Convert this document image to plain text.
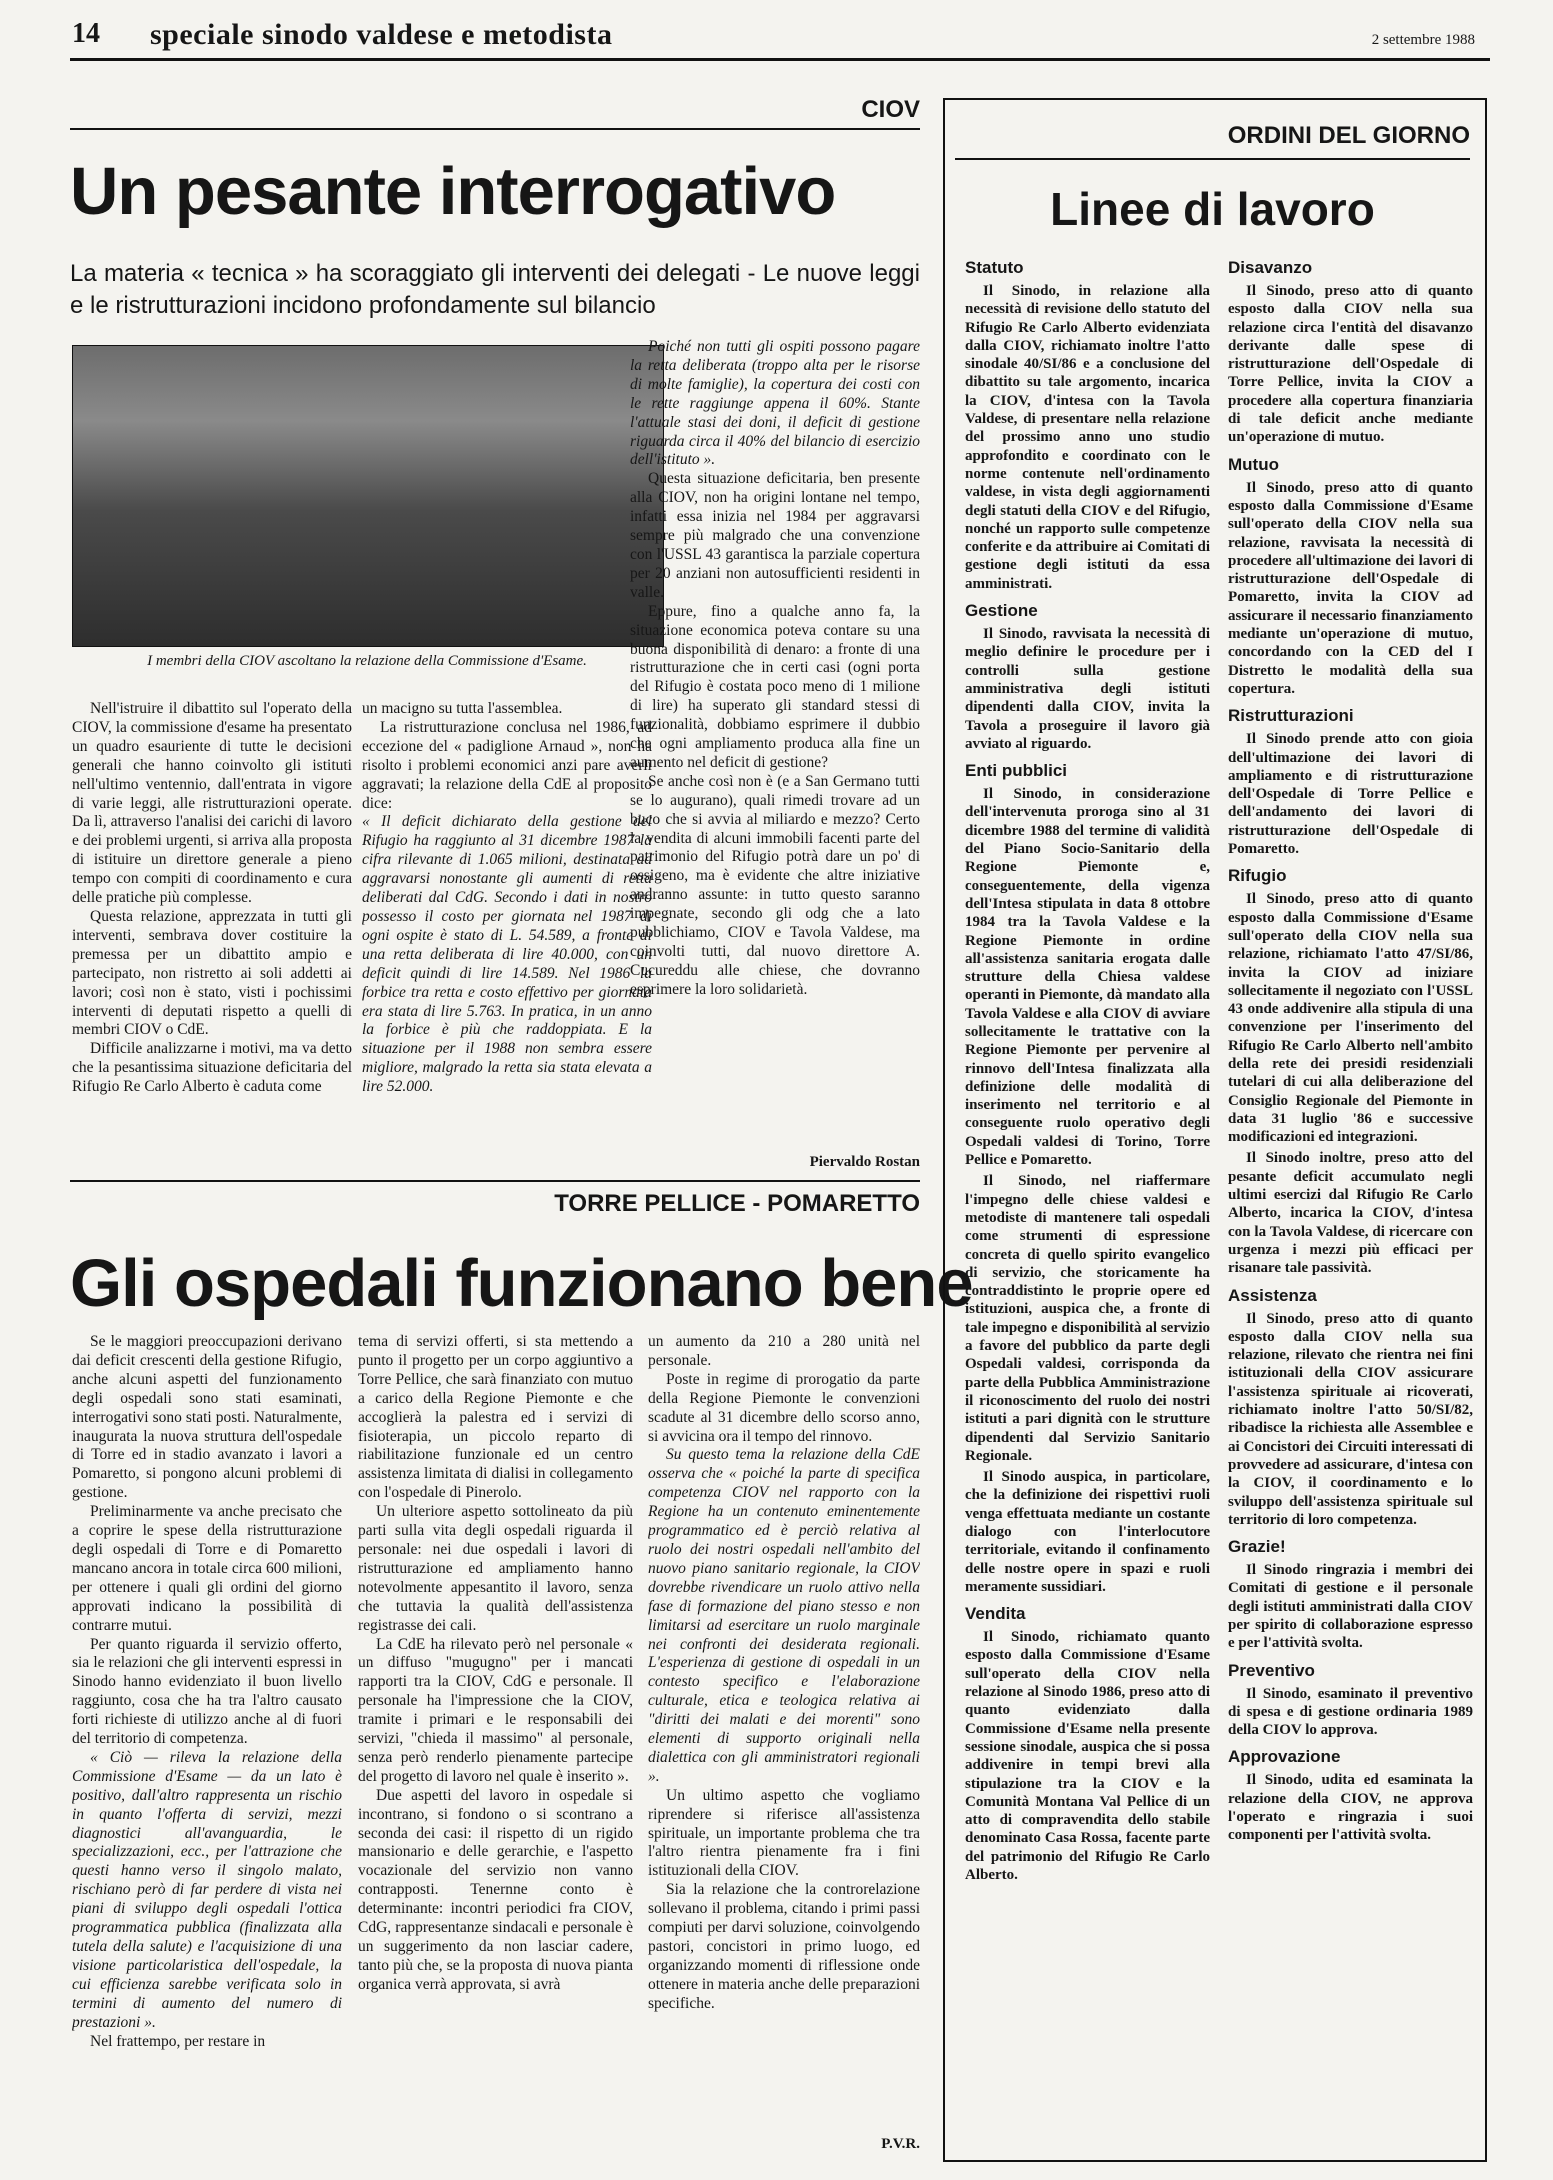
14 speciale sinodo valdese e metodista	2 settembre 1988
CIOV
Un pesante interrogativo
La materia « tecnica » ha scoraggiato gli interventi dei delegati - Le nuove leggi e le ristrutturazioni incidono profondamente sul bilancio
I membri della CIOV ascoltano la relazione della Commissione d'Esame.

Nell'istruire il dibattito sul l'operato della CIOV, la commissione d'esame ha presentato un quadro esauriente di tutte le decisioni generali che hanno coinvolto gli istituti nell'ultimo ventennio, dall'entrata in vigore di varie leggi, alle ristrutturazioni operate. Da lì, attraverso l'analisi dei carichi di lavoro e dei problemi urgenti, si arriva alla proposta di istituire un direttore generale a pieno tempo con compiti di coordinamento e cura delle pratiche più complesse.

Questa relazione, apprezzata in tutti gli interventi, sembrava dover costituire la premessa per un dibattito ampio e partecipato, non ristretto ai soli addetti ai lavori; così non è stato, visti i pochissimi interventi di deputati rispetto a quelli di membri CIOV o CdE.

Difficile analizzarne i motivi, ma va detto che la pesantissima situazione deficitaria del Rifugio Re Carlo Alberto è caduta come

un macigno su tutta l'assemblea.

La ristrutturazione conclusa nel 1986, ad eccezione del « padiglione Arnaud », non ha risolto i problemi economici anzi pare averli aggravati; la relazione della CdE al proposito dice:

« Il deficit dichiarato della gestione del Rifugio ha raggiunto al 31 dicembre 1987 la cifra rilevante di 1.065 milioni, destinata ad aggravarsi nonostante gli aumenti di retta deliberati dal CdG. Secondo i dati in nostro possesso il costo per giornata nel 1987 di ogni ospite è stato di L. 54.589, a fronte di una retta deliberata di lire 40.000, con un deficit quindi di lire 14.589. Nel 1986 la forbice tra retta e costo effettivo per giornata era stata di lire 5.763. In pratica, in un anno la forbice è più che raddoppiata. E la situazione per il 1988 non sembra essere migliore, malgrado la retta sia stata elevata a lire 52.000.

Poiché non tutti gli ospiti possono pagare la retta deliberata (troppo alta per le risorse di molte famiglie), la copertura dei costi con le rette raggiunge appena il 60%. Stante l'attuale stasi dei doni, il deficit di gestione riguarda circa il 40% del bilancio di esercizio dell'istituto ».

Questa situazione deficitaria, ben presente alla CIOV, non ha origini lontane nel tempo, infatti essa inizia nel 1984 per aggravarsi sempre più malgrado che una convenzione con l'USSL 43 garantisca la parziale copertura per 20 anziani non autosufficienti residenti in valle.

Eppure, fino a qualche anno fa, la situazione economica poteva contare su una buona disponibilità di denaro: a fronte di una ristrutturazione che in certi casi (ogni porta del Rifugio è costata poco meno di 1 milione di lire) ha superato gli standard stessi di funzionalità, dobbiamo esprimere il dubbio che ogni ampliamento produca alla fine un aumento nel deficit di gestione?

Se anche così non è (e a San Germano tutti se lo augurano), quali rimedi trovare ad un buco che si avvia al miliardo e mezzo? Certo la vendita di alcuni immobili facenti parte del patrimonio del Rifugio potrà dare un po' di ossigeno, ma è evidente che altre iniziative andranno assunte: in tutto questo saranno impegnate, secondo gli odg che a lato pubblichiamo, CIOV e Tavola Valdese, ma coinvolti tutti, dal nuovo direttore A. Cucureddu alle chiese, che dovranno esprimere la loro solidarietà.

Piervaldo Rostan
TORRE PELLICE - POMARETTO
Gli ospedali funzionano bene

Se le maggiori preoccupazioni derivano dai deficit crescenti della gestione Rifugio, anche alcuni aspetti del funzionamento degli ospedali sono stati esaminati, interrogativi sono stati posti. Naturalmente, inaugurata la nuova struttura dell'ospedale di Torre ed in stadio avanzato i lavori a Pomaretto, si pongono alcuni problemi di gestione.

Preliminarmente va anche precisato che a coprire le spese della ristrutturazione degli ospedali di Torre e di Pomaretto mancano ancora in totale circa 600 milioni, per ottenere i quali gli ordini del giorno approvati indicano la possibilità di contrarre mutui.

Per quanto riguarda il servizio offerto, sia le relazioni che gli interventi espressi in Sinodo hanno evidenziato il buon livello raggiunto, cosa che ha tra l'altro causato forti richieste di utilizzo anche al di fuori del territorio di competenza.

« Ciò — rileva la relazione della Commissione d'Esame — da un lato è positivo, dall'altro rappresenta un rischio in quanto l'offerta di servizi, mezzi diagnostici all'avanguardia, le specializzazioni, ecc., per l'attrazione che questi hanno verso il singolo malato, rischiano però di far perdere di vista nei piani di sviluppo degli ospedali l'ottica programmatica pubblica (finalizzata alla tutela della salute) e l'acquisizione di una visione particolaristica dell'ospedale, la cui efficienza sarebbe verificata solo in termini di aumento del numero di prestazioni ».

Nel frattempo, per restare in

tema di servizi offerti, si sta mettendo a punto il progetto per un corpo aggiuntivo a Torre Pellice, che sarà finanziato con mutuo a carico della Regione Piemonte e che accoglierà la palestra ed i servizi di fisioterapia, un piccolo reparto di riabilitazione funzionale ed un centro assistenza limitata di dialisi in collegamento con l'ospedale di Pinerolo.

Un ulteriore aspetto sottolineato da più parti sulla vita degli ospedali riguarda il personale: nei due ospedali i lavori di ristrutturazione ed ampliamento hanno notevolmente appesantito il lavoro, senza che tuttavia la qualità dell'assistenza registrasse dei cali.

La CdE ha rilevato però nel personale « un diffuso "mugugno" per i mancati rapporti tra la CIOV, CdG e personale. Il personale ha l'impressione che la CIOV, tramite i primari e le responsabili dei servizi, "chieda il massimo" al personale, senza però renderlo pienamente partecipe del progetto di lavoro nel quale è inserito ».

Due aspetti del lavoro in ospedale si incontrano, si fondono o si scontrano a seconda dei casi: il rispetto di un rigido mansionario e delle gerarchie, e l'aspetto vocazionale del servizio non vanno contrapposti. Tenernne conto è determinante: incontri periodici fra CIOV, CdG, rappresentanze sindacali e personale è un suggerimento da non lasciar cadere, tanto più che, se la proposta di nuova pianta organica verrà approvata, si avrà

un aumento da 210 a 280 unità nel personale.

Poste in regime di prorogatio da parte della Regione Piemonte le convenzioni scadute al 31 dicembre dello scorso anno, si avvicina ora il tempo del rinnovo.

Su questo tema la relazione della CdE osserva che « poiché la parte di specifica competenza CIOV nel rapporto con la Regione ha un contenuto eminentemente programmatico ed è perciò relativa al ruolo dei nostri ospedali nell'ambito del nuovo piano sanitario regionale, la CIOV dovrebbe rivendicare un ruolo attivo nella fase di formazione del piano stesso e non limitarsi ad esercitare un ruolo marginale nei confronti dei desiderata regionali. L'esperienza di gestione di ospedali in un contesto specifico e l'elaborazione culturale, etica e teologica relativa ai "diritti dei malati e dei morenti" sono elementi di supporto originali nella dialettica con gli amministratori regionali ».

Un ultimo aspetto che vogliamo riprendere si riferisce all'assistenza spirituale, un importante problema che tra l'altro rientra pienamente fra i fini istituzionali della CIOV.

Sia la relazione che la controrelazione sollevano il problema, citando i primi passi compiuti per darvi soluzione, coinvolgendo pastori, concistori in primo luogo, ed organizzando momenti di riflessione onde ottenere in materia anche delle preparazioni specifiche.

P.V.R.
ORDINI DEL GIORNO
Linee di lavoro
Statuto

Il Sinodo, in relazione alla necessità di revisione dello statuto del Rifugio Re Carlo Alberto evidenziata dalla CIOV, richiamato inoltre l'atto sinodale 40/SI/86 e a conclusione del dibattito su tale argomento, incarica la CIOV, d'intesa con la Tavola Valdese, di presentare nella relazione del prossimo anno uno studio approfondito e coordinato con le norme contenute nell'ordinamento valdese, in vista degli aggiornamenti degli statuti della CIOV e del Rifugio, nonché un rapporto sulle competenze conferite e da attribuire ai Comitati di gestione degli istituti da essa amministrati.

Gestione

Il Sinodo, ravvisata la necessità di meglio definire le procedure per i controlli sulla gestione amministrativa degli istituti dipendenti dalla CIOV, invita la Tavola a proseguire il lavoro già avviato al riguardo.

Enti pubblici

Il Sinodo, in considerazione dell'intervenuta proroga sino al 31 dicembre 1988 del termine di validità del Piano Socio-Sanitario della Regione Piemonte e, conseguentemente, della vigenza dell'Intesa stipulata in data 8 ottobre 1984 tra la Tavola Valdese e la Regione Piemonte in ordine all'assistenza sanitaria erogata dalle strutture della Chiesa valdese operanti in Piemonte, dà mandato alla Tavola Valdese e alla CIOV di avviare sollecitamente le trattative con la Regione Piemonte per pervenire al rinnovo dell'Intesa finalizzata alla definizione delle modalità di inserimento nel territorio e al conseguente ruolo operativo degli Ospedali valdesi di Torino, Torre Pellice e Pomaretto.

Il Sinodo, nel riaffermare l'impegno delle chiese valdesi e metodiste di mantenere tali ospedali come strumenti di espressione concreta di quello spirito evangelico di servizio, che storicamente ha contraddistinto le proprie opere ed istituzioni, auspica che, a fronte di tale impegno e disponibilità al servizio a favore del pubblico da parte degli Ospedali valdesi, corrisponda da parte della Pubblica Amministrazione il riconoscimento del ruolo dei nostri istituti a pari dignità con le strutture dipendenti dal Servizio Sanitario Regionale.

Il Sinodo auspica, in particolare, che la definizione dei rispettivi ruoli venga effettuata mediante un costante dialogo con l'interlocutore territoriale, evitando il confinamento delle nostre opere in spazi e ruoli meramente sussidiari.

Vendita

Il Sinodo, richiamato quanto esposto dalla Commissione d'Esame sull'operato della CIOV nella relazione al Sinodo 1986, preso atto di quanto evidenziato dalla Commissione d'Esame nella presente sessione sinodale, auspica che si possa addivenire in tempi brevi alla stipulazione tra la CIOV e la Comunità Montana Val Pellice di un atto di compravendita dello stabile denominato Casa Rossa, facente parte del patrimonio del Rifugio Re Carlo Alberto.

Disavanzo

Il Sinodo, preso atto di quanto esposto dalla CIOV nella sua relazione circa l'entità del disavanzo derivante dalle spese di ristrutturazione dell'Ospedale di Torre Pellice, invita la CIOV a procedere alla copertura finanziaria di tale deficit anche mediante un'operazione di mutuo.

Mutuo

Il Sinodo, preso atto di quanto esposto dalla Commissione d'Esame sull'operato della CIOV nella sua relazione, ravvisata la necessità di procedere all'ultimazione dei lavori di ristrutturazione dell'Ospedale di Pomaretto, invita la CIOV ad assicurare il necessario finanziamento mediante un'operazione di mutuo, concordando con la CED del I Distretto le modalità della sua copertura.

Ristrutturazioni

Il Sinodo prende atto con gioia dell'ultimazione dei lavori di ampliamento e di ristrutturazione dell'Ospedale di Torre Pellice e dell'andamento dei lavori di ristrutturazione dell'Ospedale di Pomaretto.

Rifugio

Il Sinodo, preso atto di quanto esposto dalla Commissione d'Esame sull'operato della CIOV nella sua relazione, richiamato l'atto 47/SI/86, invita la CIOV ad iniziare sollecitamente il negoziato con l'USSL 43 onde addivenire alla stipula di una convenzione per l'inserimento del Rifugio Re Carlo Alberto nell'ambito della rete dei presidi residenziali tutelari di cui alla deliberazione del Consiglio Regionale del Piemonte in data 31 luglio '86 e successive modificazioni ed integrazioni.

Il Sinodo inoltre, preso atto del pesante deficit accumulato negli ultimi esercizi dal Rifugio Re Carlo Alberto, incarica la CIOV, d'intesa con la Tavola Valdese, di ricercare con urgenza i mezzi più efficaci per risanare tale passività.

Assistenza

Il Sinodo, preso atto di quanto esposto dalla CIOV nella sua relazione, rilevato che rientra nei fini istituzionali della CIOV assicurare l'assistenza spirituale ai ricoverati, richiamato inoltre l'atto 50/SI/82, ribadisce la richiesta alle Assemblee e ai Concistori dei Circuiti interessati di provvedere ad assicurare, d'intesa con la CIOV, il coordinamento e lo sviluppo dell'assistenza spirituale sul territorio di loro competenza.

Grazie!

Il Sinodo ringrazia i membri dei Comitati di gestione e il personale degli istituti amministrati dalla CIOV per spirito di collaborazione espresso e per l'attività svolta.

Preventivo

Il Sinodo, esaminato il preventivo di spesa e di gestione ordinaria 1989 della CIOV lo approva.

Approvazione

Il Sinodo, udita ed esaminata la relazione della CIOV, ne approva l'operato e ringrazia i suoi componenti per l'attività svolta.
